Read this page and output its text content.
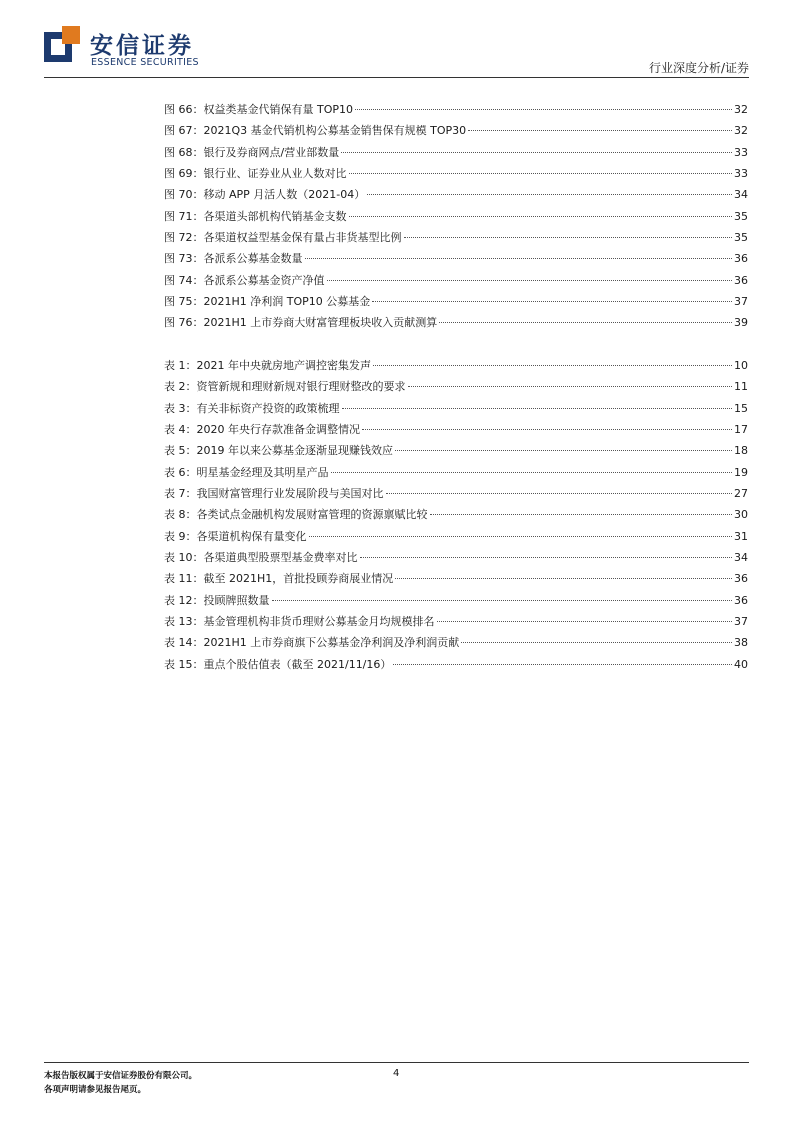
安信证券
ESSENCE SECURITIES	行业深度分析/证券
图 66：权益类基金代销保有量 TOP10	32
图 67：2021Q3 基金代销机构公募基金销售保有规模 TOP30	32
图 68：银行及券商网点/营业部数量	33
图 69：银行业、证券业从业人数对比	33
图 70：移动 APP 月活人数（2021-04）	34
图 71：各渠道头部机构代销基金支数	35
图 72：各渠道权益型基金保有量占非货基型比例	35
图 73：各派系公募基金数量	36
图 74：各派系公募基金资产净值	36
图 75：2021H1 净利润 TOP10 公募基金	37
图 76：2021H1 上市券商大财富管理板块收入贡献测算	39
表 1：2021 年中央就房地产调控密集发声	10
表 2：资管新规和理财新规对银行理财整改的要求	11
表 3：有关非标资产投资的政策梳理	15
表 4：2020 年央行存款准备金调整情况	17
表 5：2019 年以来公募基金逐渐显现赚钱效应	18
表 6：明星基金经理及其明星产品	19
表 7：我国财富管理行业发展阶段与美国对比	27
表 8：各类试点金融机构发展财富管理的资源禀赋比较	30
表 9：各渠道机构保有量变化	31
表 10：各渠道典型股票型基金费率对比	34
表 11：截至 2021H1，首批投顾券商展业情况	36
表 12：投顾牌照数量	36
表 13：基金管理机构非货币理财公募基金月均规模排名	37
表 14：2021H1 上市券商旗下公募基金净利润及净利润贡献	38
表 15：重点个股估值表（截至 2021/11/16）	40
本报告版权属于安信证券股份有限公司。
各项声明请参见报告尾页。
4
